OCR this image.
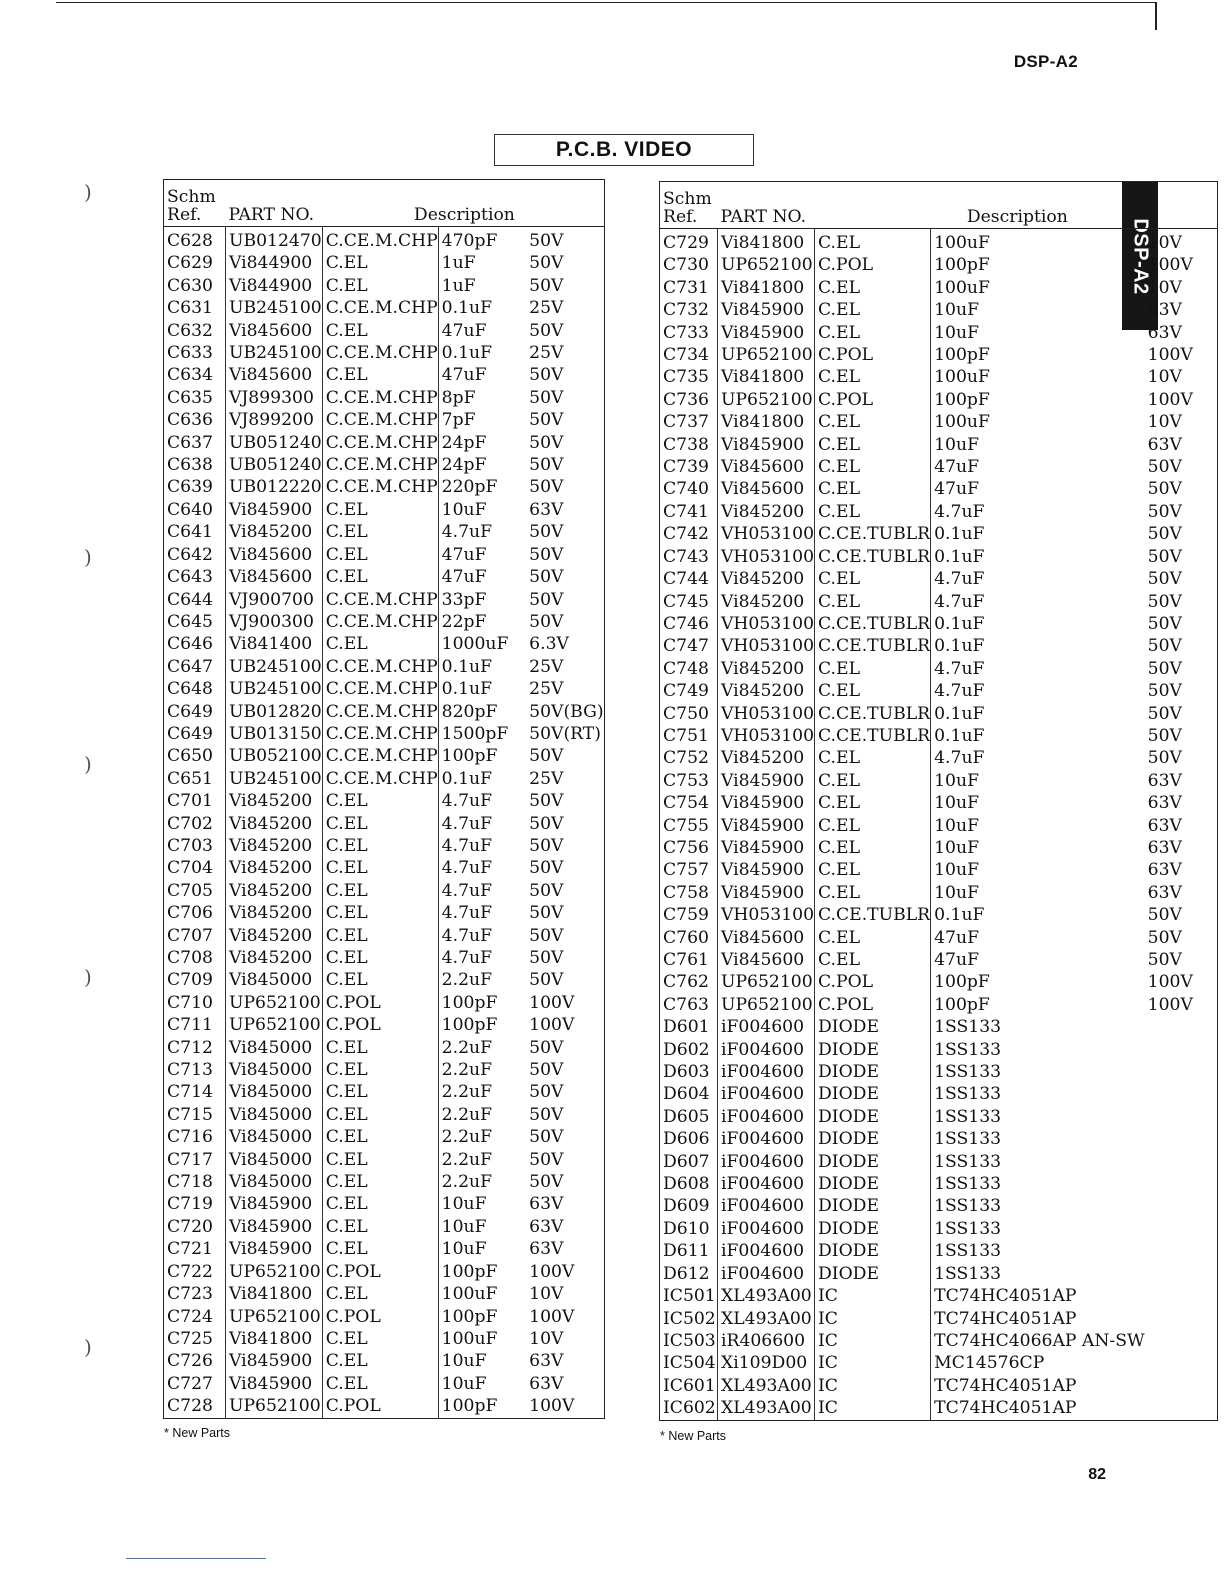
DSP-A2
P.C.B. VIDEO
DSP-A2
)
)
)
)
)
Schm
Ref.	PART NO.	Description		
C628	UB012470	C.CE.M.CHP	470pF	50V
C629	Vi844900	C.EL	1uF	50V
C630	Vi844900	C.EL	1uF	50V
C631	UB245100	C.CE.M.CHP	0.1uF	25V
C632	Vi845600	C.EL	47uF	50V
C633	UB245100	C.CE.M.CHP	0.1uF	25V
C634	Vi845600	C.EL	47uF	50V
C635	VJ899300	C.CE.M.CHP	8pF	50V
C636	VJ899200	C.CE.M.CHP	7pF	50V
C637	UB051240	C.CE.M.CHP	24pF	50V
C638	UB051240	C.CE.M.CHP	24pF	50V
C639	UB012220	C.CE.M.CHP	220pF	50V
C640	Vi845900	C.EL	10uF	63V
C641	Vi845200	C.EL	4.7uF	50V
C642	Vi845600	C.EL	47uF	50V
C643	Vi845600	C.EL	47uF	50V
C644	VJ900700	C.CE.M.CHP	33pF	50V
C645	VJ900300	C.CE.M.CHP	22pF	50V
C646	Vi841400	C.EL	1000uF	6.3V
C647	UB245100	C.CE.M.CHP	0.1uF	25V
C648	UB245100	C.CE.M.CHP	0.1uF	25V
C649	UB012820	C.CE.M.CHP	820pF	50V(BG)
C649	UB013150	C.CE.M.CHP	1500pF	50V(RT)
C650	UB052100	C.CE.M.CHP	100pF	50V
C651	UB245100	C.CE.M.CHP	0.1uF	25V
C701	Vi845200	C.EL	4.7uF	50V
C702	Vi845200	C.EL	4.7uF	50V
C703	Vi845200	C.EL	4.7uF	50V
C704	Vi845200	C.EL	4.7uF	50V
C705	Vi845200	C.EL	4.7uF	50V
C706	Vi845200	C.EL	4.7uF	50V
C707	Vi845200	C.EL	4.7uF	50V
C708	Vi845200	C.EL	4.7uF	50V
C709	Vi845000	C.EL	2.2uF	50V
C710	UP652100	C.POL	100pF	100V
C711	UP652100	C.POL	100pF	100V
C712	Vi845000	C.EL	2.2uF	50V
C713	Vi845000	C.EL	2.2uF	50V
C714	Vi845000	C.EL	2.2uF	50V
C715	Vi845000	C.EL	2.2uF	50V
C716	Vi845000	C.EL	2.2uF	50V
C717	Vi845000	C.EL	2.2uF	50V
C718	Vi845000	C.EL	2.2uF	50V
C719	Vi845900	C.EL	10uF	63V
C720	Vi845900	C.EL	10uF	63V
C721	Vi845900	C.EL	10uF	63V
C722	UP652100	C.POL	100pF	100V
C723	Vi841800	C.EL	100uF	10V
C724	UP652100	C.POL	100pF	100V
C725	Vi841800	C.EL	100uF	10V
C726	Vi845900	C.EL	10uF	63V
C727	Vi845900	C.EL	10uF	63V
C728	UP652100	C.POL	100pF	100V
Schm
Ref.	PART NO.	Description		
C729	Vi841800	C.EL	100uF	10V
C730	UP652100	C.POL	100pF	100V
C731	Vi841800	C.EL	100uF	10V
C732	Vi845900	C.EL	10uF	63V
C733	Vi845900	C.EL	10uF	63V
C734	UP652100	C.POL	100pF	100V
C735	Vi841800	C.EL	100uF	10V
C736	UP652100	C.POL	100pF	100V
C737	Vi841800	C.EL	100uF	10V
C738	Vi845900	C.EL	10uF	63V
C739	Vi845600	C.EL	47uF	50V
C740	Vi845600	C.EL	47uF	50V
C741	Vi845200	C.EL	4.7uF	50V
C742	VH053100	C.CE.TUBLR	0.1uF	50V
C743	VH053100	C.CE.TUBLR	0.1uF	50V
C744	Vi845200	C.EL	4.7uF	50V
C745	Vi845200	C.EL	4.7uF	50V
C746	VH053100	C.CE.TUBLR	0.1uF	50V
C747	VH053100	C.CE.TUBLR	0.1uF	50V
C748	Vi845200	C.EL	4.7uF	50V
C749	Vi845200	C.EL	4.7uF	50V
C750	VH053100	C.CE.TUBLR	0.1uF	50V
C751	VH053100	C.CE.TUBLR	0.1uF	50V
C752	Vi845200	C.EL	4.7uF	50V
C753	Vi845900	C.EL	10uF	63V
C754	Vi845900	C.EL	10uF	63V
C755	Vi845900	C.EL	10uF	63V
C756	Vi845900	C.EL	10uF	63V
C757	Vi845900	C.EL	10uF	63V
C758	Vi845900	C.EL	10uF	63V
C759	VH053100	C.CE.TUBLR	0.1uF	50V
C760	Vi845600	C.EL	47uF	50V
C761	Vi845600	C.EL	47uF	50V
C762	UP652100	C.POL	100pF	100V
C763	UP652100	C.POL	100pF	100V
D601	iF004600	DIODE	1SS133	
D602	iF004600	DIODE	1SS133	
D603	iF004600	DIODE	1SS133	
D604	iF004600	DIODE	1SS133	
D605	iF004600	DIODE	1SS133	
D606	iF004600	DIODE	1SS133	
D607	iF004600	DIODE	1SS133	
D608	iF004600	DIODE	1SS133	
D609	iF004600	DIODE	1SS133	
D610	iF004600	DIODE	1SS133	
D611	iF004600	DIODE	1SS133	
D612	iF004600	DIODE	1SS133	
IC501	XL493A00	IC	TC74HC4051AP	
IC502	XL493A00	IC	TC74HC4051AP	
IC503	iR406600	IC	TC74HC4066AP AN-SW	
IC504	Xi109D00	IC	MC14576CP	
IC601	XL493A00	IC	TC74HC4051AP	
IC602	XL493A00	IC	TC74HC4051AP	
* New Parts	* New Parts
82
